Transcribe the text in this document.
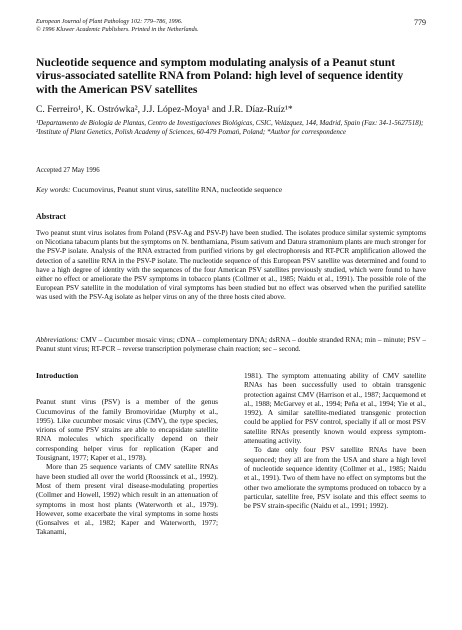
European Journal of Plant Pathology 102: 779–786, 1996.
© 1996 Kluwer Academic Publishers. Printed in the Netherlands.
779
Nucleotide sequence and symptom modulating analysis of a Peanut stunt virus-associated satellite RNA from Poland: high level of sequence identity with the American PSV satellites
C. Ferreiro¹, K. Ostrówka², J.J. López-Moya¹ and J.R. Díaz-Ruíz¹*
¹Departamento de Biología de Plantas, Centro de Investigaciones Biológicas, CSIC, Velázquez, 144, Madrid, Spain (Fax: 34-1-5627518); ²Institute of Plant Genetics, Polish Academy of Sciences, 60-479 Poznań, Poland; *Author for correspondence
Accepted 27 May 1996
Key words: Cucumovirus, Peanut stunt virus, satellite RNA, nucleotide sequence
Abstract

Two peanut stunt virus isolates from Poland (PSV-Ag and PSV-P) have been studied. The isolates produce similar systemic symptoms on Nicotiana tabacum plants but the symptoms on N. benthamiana, Pisum sativum and Datura stramonium plants are much stronger for the PSV-P isolate. Analysis of the RNA extracted from purified virions by gel electrophoresis and RT-PCR amplification allowed the detection of a satellite RNA in the PSV-P isolate. The nucleotide sequence of this European PSV satellite was determined and found to have a high degree of identity with the sequences of the four American PSV satellites previously studied, which were found to have either no effect or ameliorate the PSV symptoms in tobacco plants (Collmer et al., 1985; Naidu et al., 1991). The possible role of the European PSV satellite in the modulation of viral symptoms has been studied but no effect was observed when the purified satellite was used with the PSV-Ag isolate as helper virus on any of the three hosts cited above.

Abbreviations: CMV – Cucumber mosaic virus; cDNA – complementary DNA; dsRNA – double stranded RNA; min – minute; PSV – Peanut stunt virus; RT-PCR – reverse transcription polymerase chain reaction; sec – second.

Introduction

Peanut stunt virus (PSV) is a member of the genus Cucumovirus of the family Bromoviridae (Murphy et al., 1995). Like cucumber mosaic virus (CMV), the type species, virions of some PSV strains are able to encapsidate satellite RNA molecules which specifically depend on their corresponding helper virus for replication (Kaper and Tousignant, 1977; Kaper et al., 1978).

More than 25 sequence variants of CMV satellite RNAs have been studied all over the world (Roossinck et al., 1992). Most of them present viral disease-modulating properties (Collmer and Howell, 1992) which result in an attenuation of symptoms in most host plants (Waterworth et al., 1979). However, some exacerbate the viral symptoms in some hosts (Gonsalves et al., 1982; Kaper and Waterworth, 1977; Takanami,

1981). The symptom attenuating ability of CMV satellite RNAs has been successfully used to obtain transgenic protection against CMV (Harrison et al., 1987; Jacquemond et al., 1988; McGarvey et al., 1994; Peña et al., 1994; Yie et al., 1992). A similar satellite-mediated transgenic protection could be applied for PSV control, specially if all or most PSV satellite RNAs presently known would express symptom-attenuating activity.

To date only four PSV satellite RNAs have been sequenced; they all are from the USA and share a high level of nucleotide sequence identity (Collmer et al., 1985; Naidu et al., 1991). Two of them have no effect on symptoms but the other two ameliorate the symptoms produced on tobacco by a particular, satellite free, PSV isolate and this effect seems to be PSV strain-specific (Naidu et al., 1991; 1992).
